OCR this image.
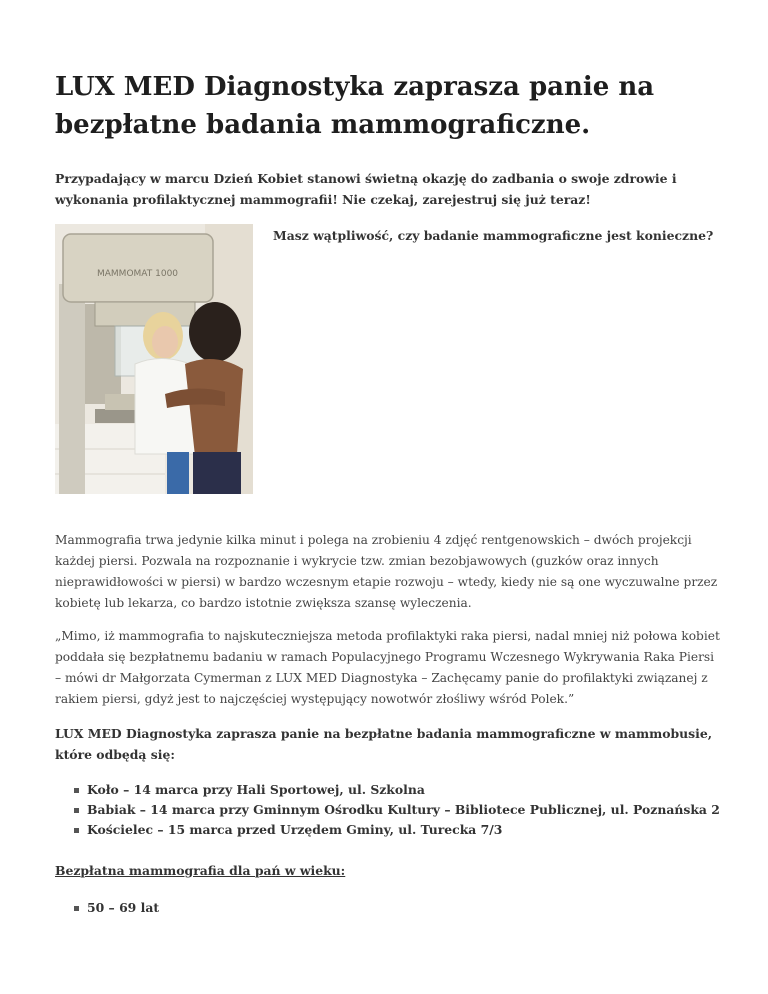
LUX MED Diagnostyka zaprasza panie na bezpłatne badania mammograficzne.

Przypadający w marcu Dzień Kobiet stanowi świetną okazję do zadbania o swoje zdrowie i wykonania profilaktycznej mammografii! Nie czekaj, zarejestruj się już teraz!

MAMMOMAT 1000

Masz wątpliwość, czy badanie mammograficzne jest konieczne?

Mammografia trwa jedynie kilka minut i polega na zrobieniu 4 zdjęć rentgenowskich – dwóch projekcji każdej piersi. Pozwala na rozpoznanie i wykrycie tzw. zmian bezobjawowych (guzków oraz innych nieprawidłowości w piersi) w bardzo wczesnym etapie rozwoju – wtedy, kiedy nie są one wyczuwalne przez kobietę lub lekarza, co bardzo istotnie zwiększa szansę wyleczenia.

„Mimo, iż mammografia to najskuteczniejsza metoda profilaktyki raka piersi, nadal mniej niż połowa kobiet poddała się bezpłatnemu badaniu w ramach Populacyjnego Programu Wczesnego Wykrywania Raka Piersi – mówi dr Małgorzata Cymerman z LUX MED Diagnostyka – Zachęcamy panie do profilaktyki związanej z rakiem piersi, gdyż jest to najczęściej występujący nowotwór złośliwy wśród Polek.”

LUX MED Diagnostyka zaprasza panie na bezpłatne badania mammograficzne w mammobusie, które odbędą się:

Koło – 14 marca przy Hali Sportowej, ul. Szkolna
Babiak – 14 marca przy Gminnym Ośrodku Kultury – Bibliotece Publicznej, ul. Poznańska 2
Kościelec – 15 marca przed Urzędem Gminy, ul. Turecka 7/3

Bezpłatna mammografia dla pań w wieku:

50 – 69 lat
